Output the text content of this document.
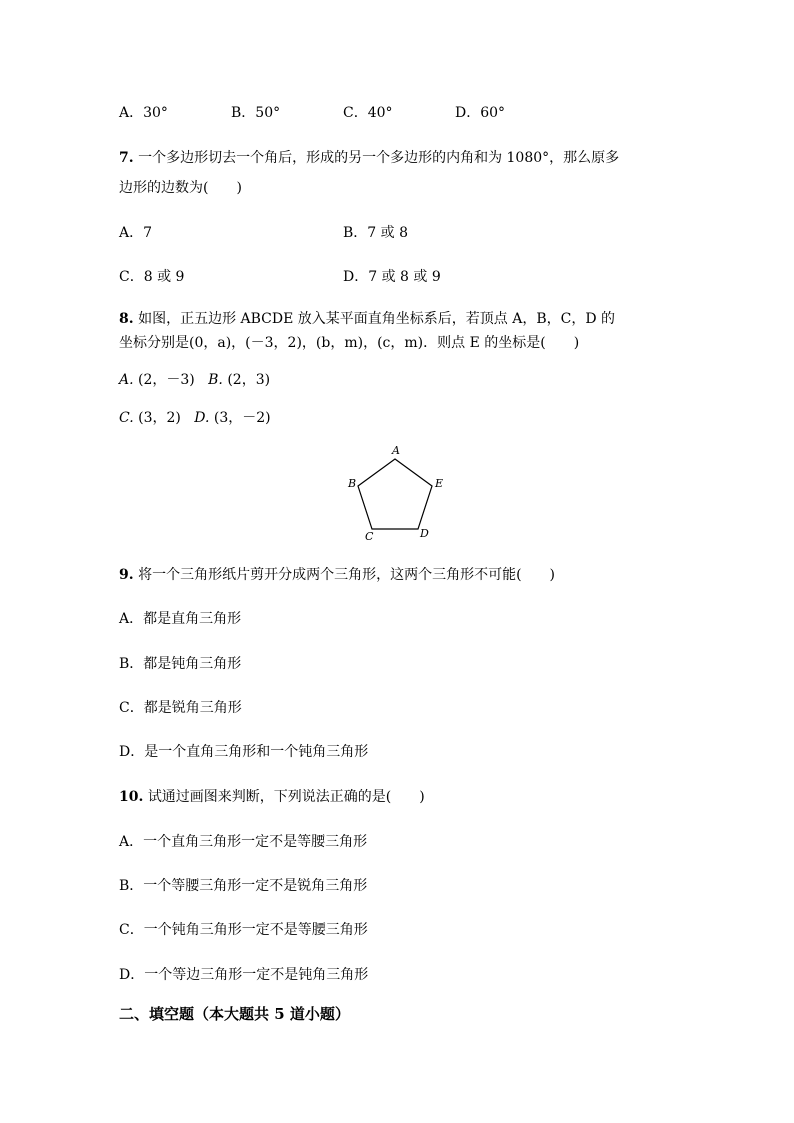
A．30°	B．50°	C．40°	D．60°
7. 一个多边形切去一个角后，形成的另一个多边形的内角和为 1080°，那么原多
边形的边数为(　　)
A．7	B．7 或 8
C．8 或 9	D．7 或 8 或 9
8. 如图，正五边形 ABCDE 放入某平面直角坐标系后，若顶点 A，B，C，D 的
坐标分别是(0，a)，(－3，2)，(b，m)，(c，m)．则点 E 的坐标是(　　)
A. (2，－3) B. (2，3)
C. (3，2) D. (3，－2)
A
B	E
C	D
9. 将一个三角形纸片剪开分成两个三角形，这两个三角形不可能(　　)
A．都是直角三角形
B．都是钝角三角形
C．都是锐角三角形
D．是一个直角三角形和一个钝角三角形
10. 试通过画图来判断，下列说法正确的是(　　)
A．一个直角三角形一定不是等腰三角形
B．一个等腰三角形一定不是锐角三角形
C．一个钝角三角形一定不是等腰三角形
D．一个等边三角形一定不是钝角三角形
二、填空题（本大题共 5 道小题）
